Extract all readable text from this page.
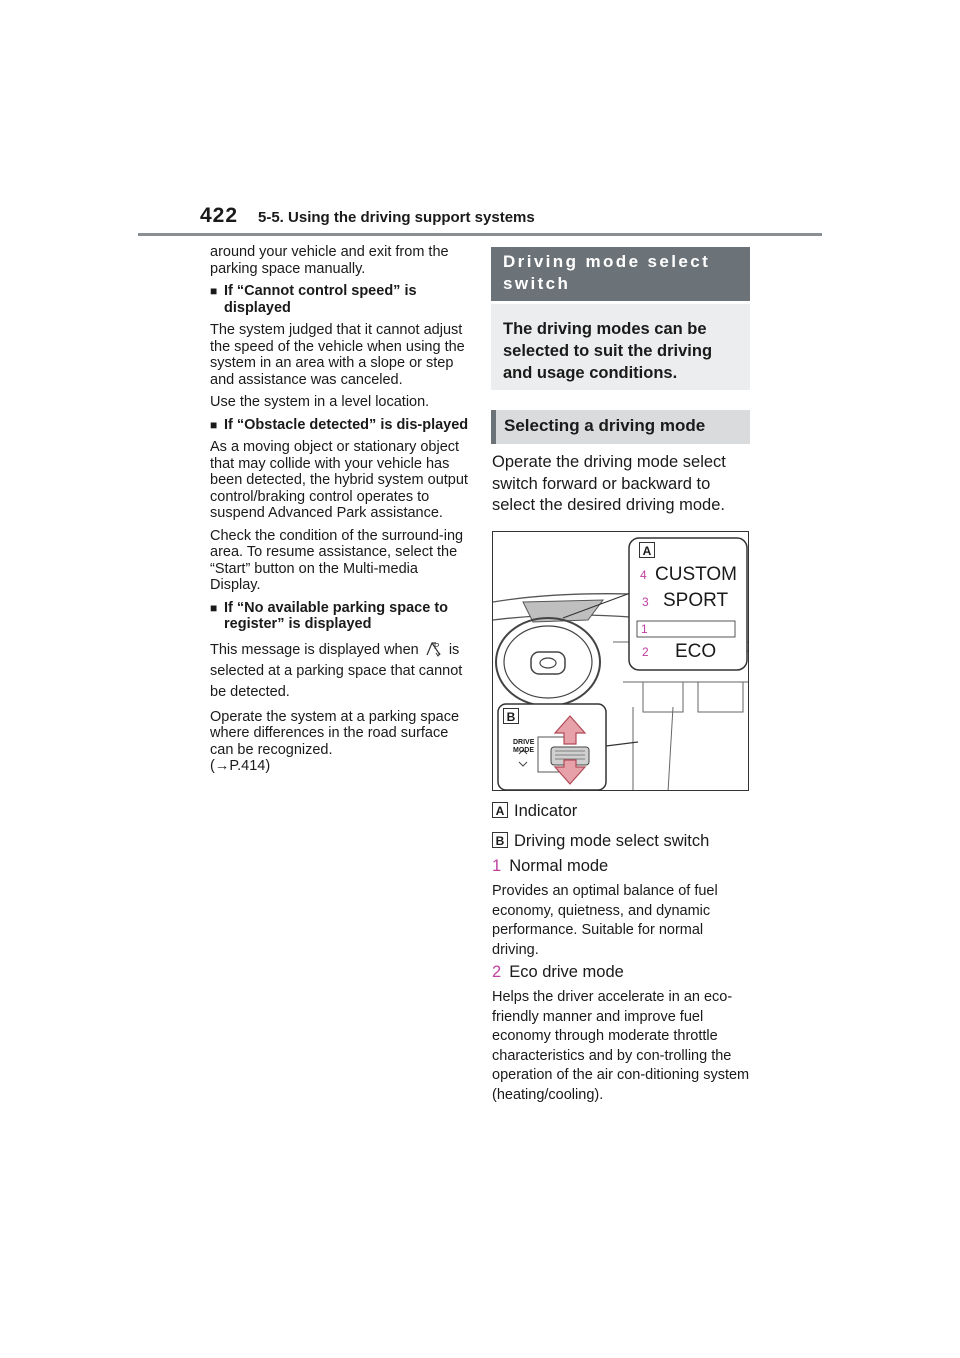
422 5-5. Using the driving support systems

around your vehicle and exit from the parking space manually.

■ If “Cannot control speed” is displayed

The system judged that it cannot adjust the speed of the vehicle when using the system in an area with a slope or step and assistance was canceled.

Use the system in a level location.

■ If “Obstacle detected” is dis-played

As a moving object or stationary object that may collide with your vehicle has been detected, the hybrid system output control/braking control operates to suspend Advanced Park assistance.

Check the condition of the surround-ing area. To resume assistance, select the “Start” button on the Multi-media Display.

■ If “No available parking space to register” is displayed

This message is displayed when P is selected at a parking space that cannot be detected.

Operate the system at a parking space where differences in the road surface can be recognized.
(→P.414)

Driving mode select switch
The driving modes can be selected to suit the driving and usage conditions.
Selecting a driving mode
Operate the driving mode select switch forward or backward to select the desired driving mode.
A
B
4 CUSTOM
3 SPORT
1
2 ECO
DRIVE
MODE
A Indicator
B Driving mode select switch
1 Normal mode
Provides an optimal balance of fuel economy, quietness, and dynamic performance. Suitable for normal driving.
2 Eco drive mode
Helps the driver accelerate in an eco-friendly manner and improve fuel economy through moderate throttle characteristics and by con-trolling the operation of the air con-ditioning system (heating/cooling).
